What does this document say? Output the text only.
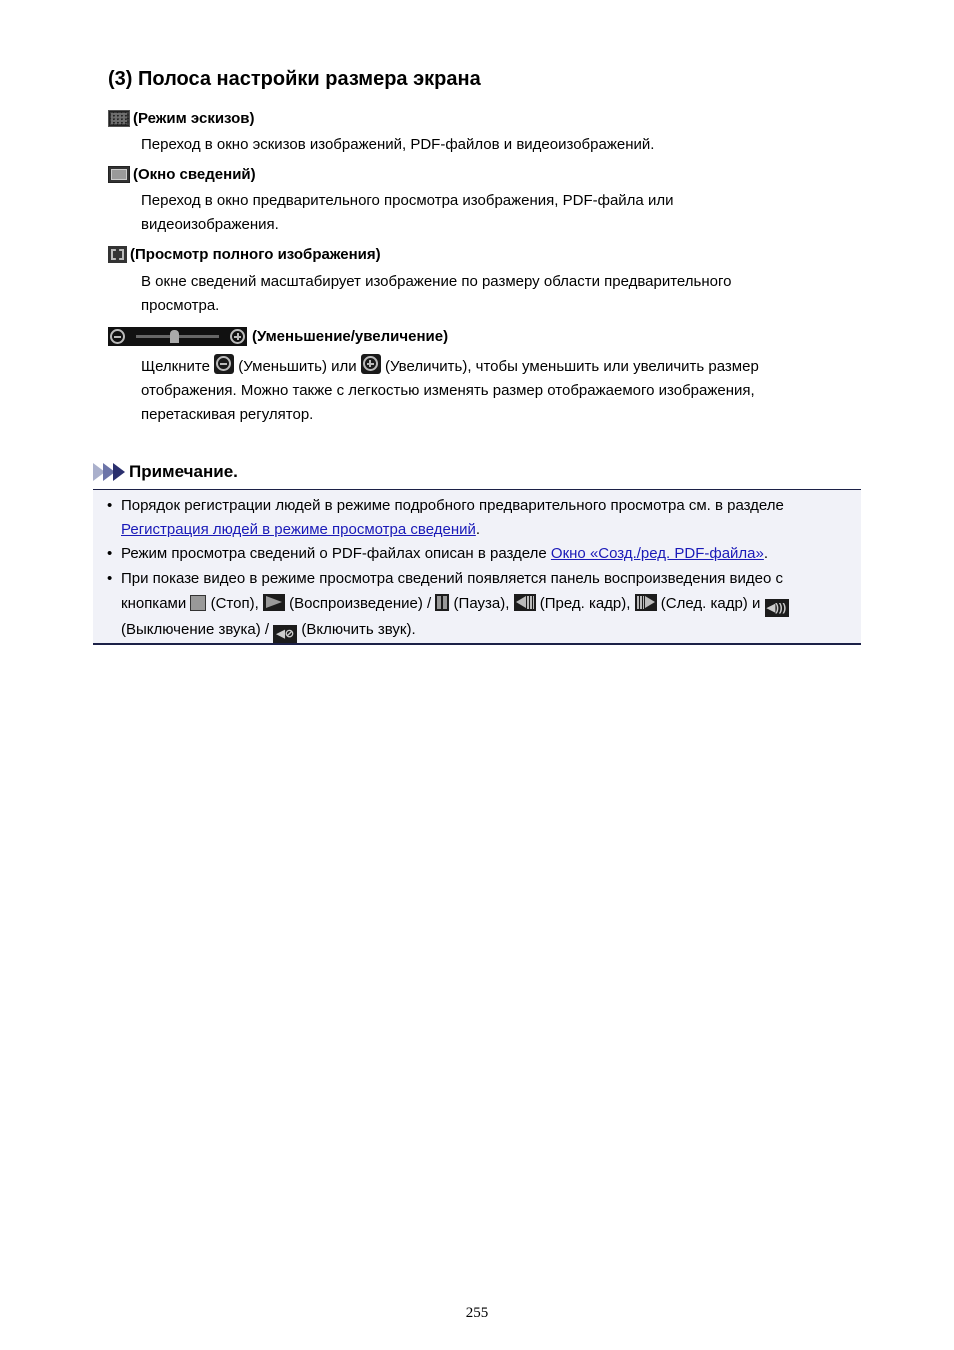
(3) Полоса настройки размера экрана
(Режим эскизов)
Переход в окно эскизов изображений, PDF-файлов и видеоизображений.
(Окно сведений)
Переход в окно предварительного просмотра изображения, PDF-файла или видеоизображения.
(Просмотр полного изображения)
В окне сведений масштабирует изображение по размеру области предварительного просмотра.
(Уменьшение/увеличение)
Щелкните
(Уменьшить) или
(Увеличить), чтобы уменьшить или увеличить размер отображения. Можно также с легкостью изменять размер отображаемого изображения, перетаскивая регулятор.
Примечание.
• Порядок регистрации людей в режиме подробного предварительного просмотра см. в разделе Регистрация людей в режиме просмотра сведений.
• Режим просмотра сведений о PDF-файлах описан в разделе Окно «Созд./ред. PDF-файла».
• При показе видео в режиме просмотра сведений появляется панель воспроизведения видео с кнопками  (Стоп),  (Воспроизведение) /  (Пауза),  (Пред. кадр),  (След. кадр) и ◀))) (Выключение звука) / ◀⊘ (Включить звук).
255
